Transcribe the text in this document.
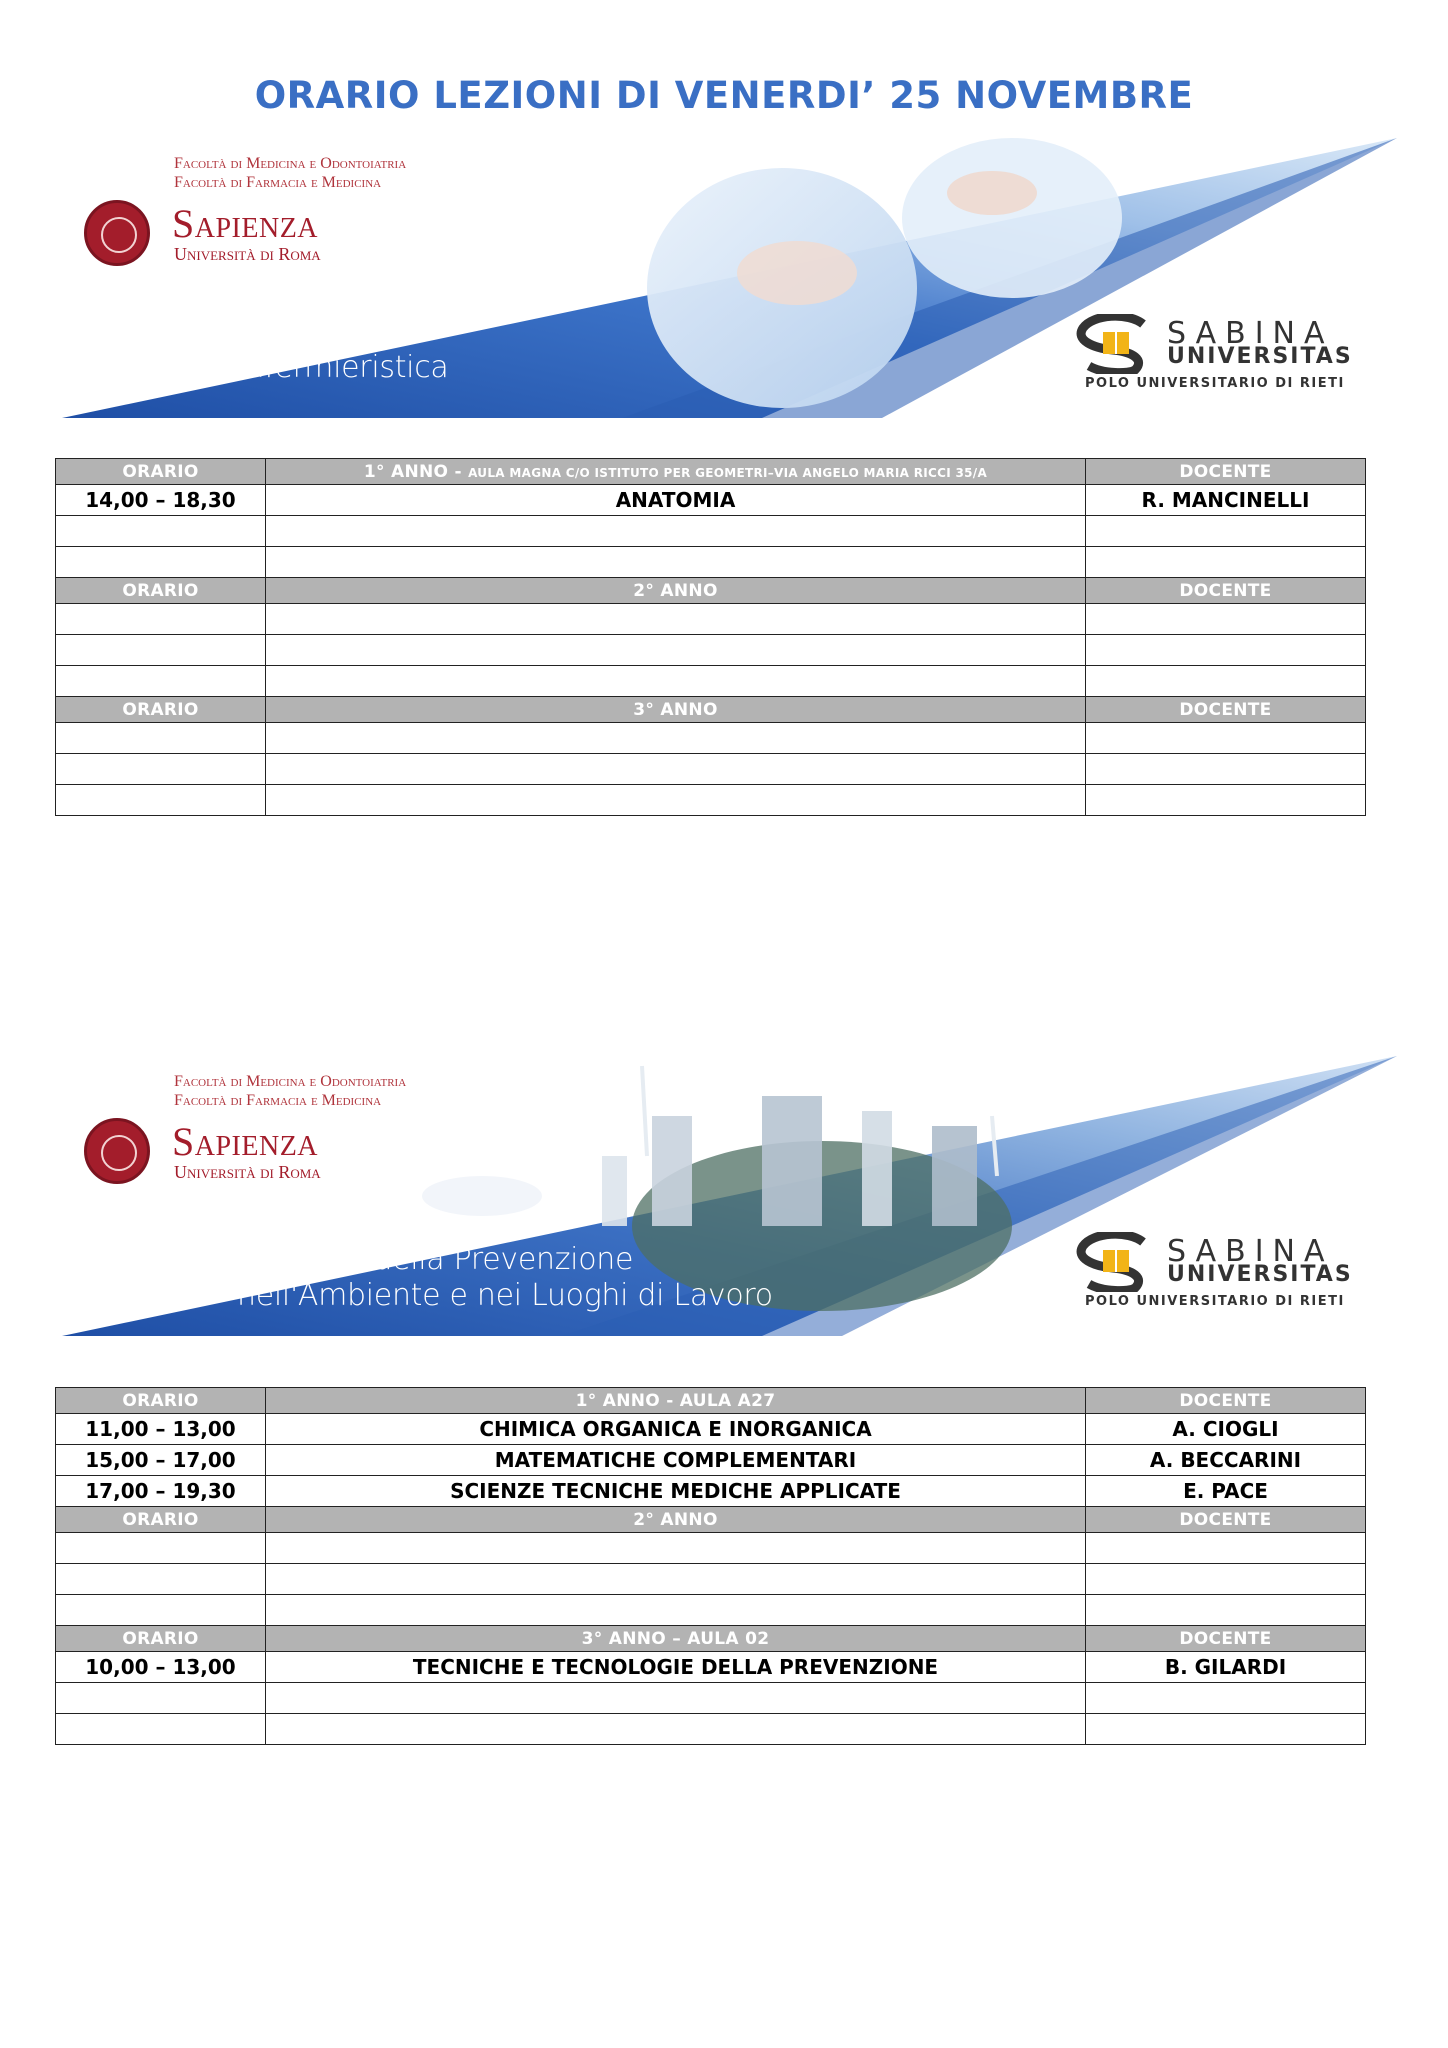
ORARIO LEZIONI DI VENERDI’ 25 NOVEMBRE
Facoltà di Medicina e Odontoiatria
Facoltà di Farmacia e Medicina
Sapienza
Università di Roma
Infermieristica
SABINA
UNIVERSITAS
POLO UNIVERSITARIO DI RIETI
ORARIO	1° ANNO - AULA MAGNA C/O ISTITUTO PER GEOMETRI–VIA ANGELO MARIA RICCI 35/A	DOCENTE
14,00 – 18,30	ANATOMIA	R. MANCINELLI

ORARIO	2° ANNO	DOCENTE

ORARIO	3° ANNO	DOCENTE

Facoltà di Medicina e Odontoiatria
Facoltà di Farmacia e Medicina
Sapienza
Università di Roma
Tecniche della Prevenzione
nell'Ambiente e nei Luoghi di Lavoro
SABINA
UNIVERSITAS
POLO UNIVERSITARIO DI RIETI
ORARIO	1° ANNO - AULA A27	DOCENTE
11,00 – 13,00	CHIMICA ORGANICA E INORGANICA	A. CIOGLI
15,00 – 17,00	MATEMATICHE COMPLEMENTARI	A. BECCARINI
17,00 – 19,30	SCIENZE TECNICHE MEDICHE APPLICATE	E. PACE
ORARIO	2° ANNO	DOCENTE

ORARIO	3° ANNO – AULA 02	DOCENTE
10,00 – 13,00	TECNICHE E TECNOLOGIE DELLA PREVENZIONE	B. GILARDI
